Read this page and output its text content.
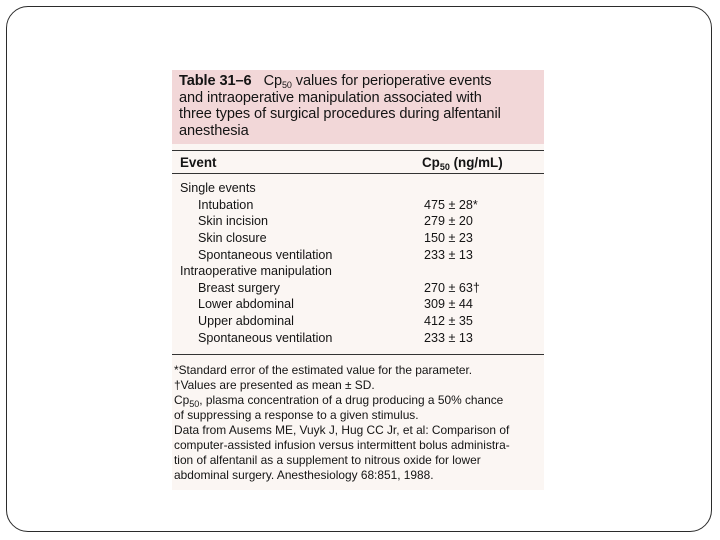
Table 31–6 $Cp_{50}$ values for perioperative events
and intraoperative manipulation associated with
three types of surgical procedures during alfentanil
anesthesia
Event	$Cp_{50}$ (ng/mL)
Single events
Intubation	475 ± 28*
Skin incision	279 ± 20
Skin closure	150 ± 23
Spontaneous ventilation	233 ± 13
Intraoperative manipulation
Breast surgery	270 ± 63†
Lower abdominal	309 ± 44
Upper abdominal	412 ± 35
Spontaneous ventilation	233 ± 13
*Standard error of the estimated value for the parameter.
†Values are presented as mean ± SD.
$Cp_{50}$, plasma concentration of a drug producing a 50% chance
of suppressing a response to a given stimulus.
Data from Ausems ME, Vuyk J, Hug CC Jr, et al: Comparison of
computer-assisted infusion versus intermittent bolus administra-
tion of alfentanil as a supplement to nitrous oxide for lower
abdominal surgery. Anesthesiology 68:851, 1988.
